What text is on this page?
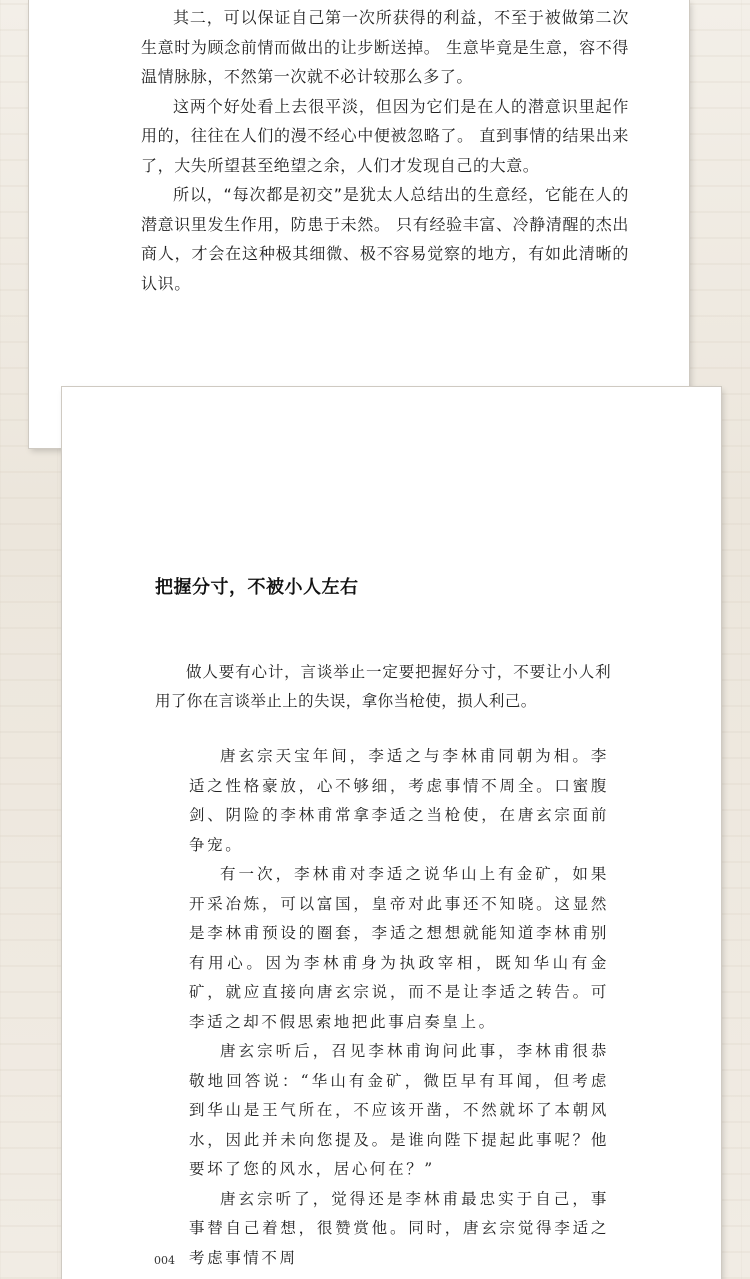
其二，可以保证自己第一次所获得的利益，不至于被做第二次生意时为顾念前情而做出的让步断送掉。 生意毕竟是生意，容不得温情脉脉，不然第一次就不必计较那么多了。

这两个好处看上去很平淡，但因为它们是在人的潜意识里起作用的，往往在人们的漫不经心中便被忽略了。 直到事情的结果出来了，大失所望甚至绝望之余，人们才发现自己的大意。

所以，“每次都是初交”是犹太人总结出的生意经，它能在人的潜意识里发生作用，防患于未然。 只有经验丰富、冷静清醒的杰出商人，才会在这种极其细微、极不容易觉察的地方，有如此清晰的认识。

把握分寸，不被小人左右

做人要有心计，言谈举止一定要把握好分寸，不要让小人利用了你在言谈举止上的失误，拿你当枪使，损人利己。

唐玄宗天宝年间，李适之与李林甫同朝为相。李适之性格豪放，心不够细，考虑事情不周全。口蜜腹剑、阴险的李林甫常拿李适之当枪使，在唐玄宗面前争宠。

有一次，李林甫对李适之说华山上有金矿，如果开采冶炼，可以富国，皇帝对此事还不知晓。这显然是李林甫预设的圈套，李适之想想就能知道李林甫别有用心。因为李林甫身为执政宰相，既知华山有金矿，就应直接向唐玄宗说，而不是让李适之转告。可李适之却不假思索地把此事启奏皇上。

唐玄宗听后，召见李林甫询问此事，李林甫很恭敬地回答说：“华山有金矿，微臣早有耳闻，但考虑到华山是王气所在，不应该开凿，不然就坏了本朝风水，因此并未向您提及。是谁向陛下提起此事呢？他要坏了您的风水，居心何在？”

唐玄宗听了，觉得还是李林甫最忠实于自己，事事替自己着想，很赞赏他。同时，唐玄宗觉得李适之考虑事情不周

004
